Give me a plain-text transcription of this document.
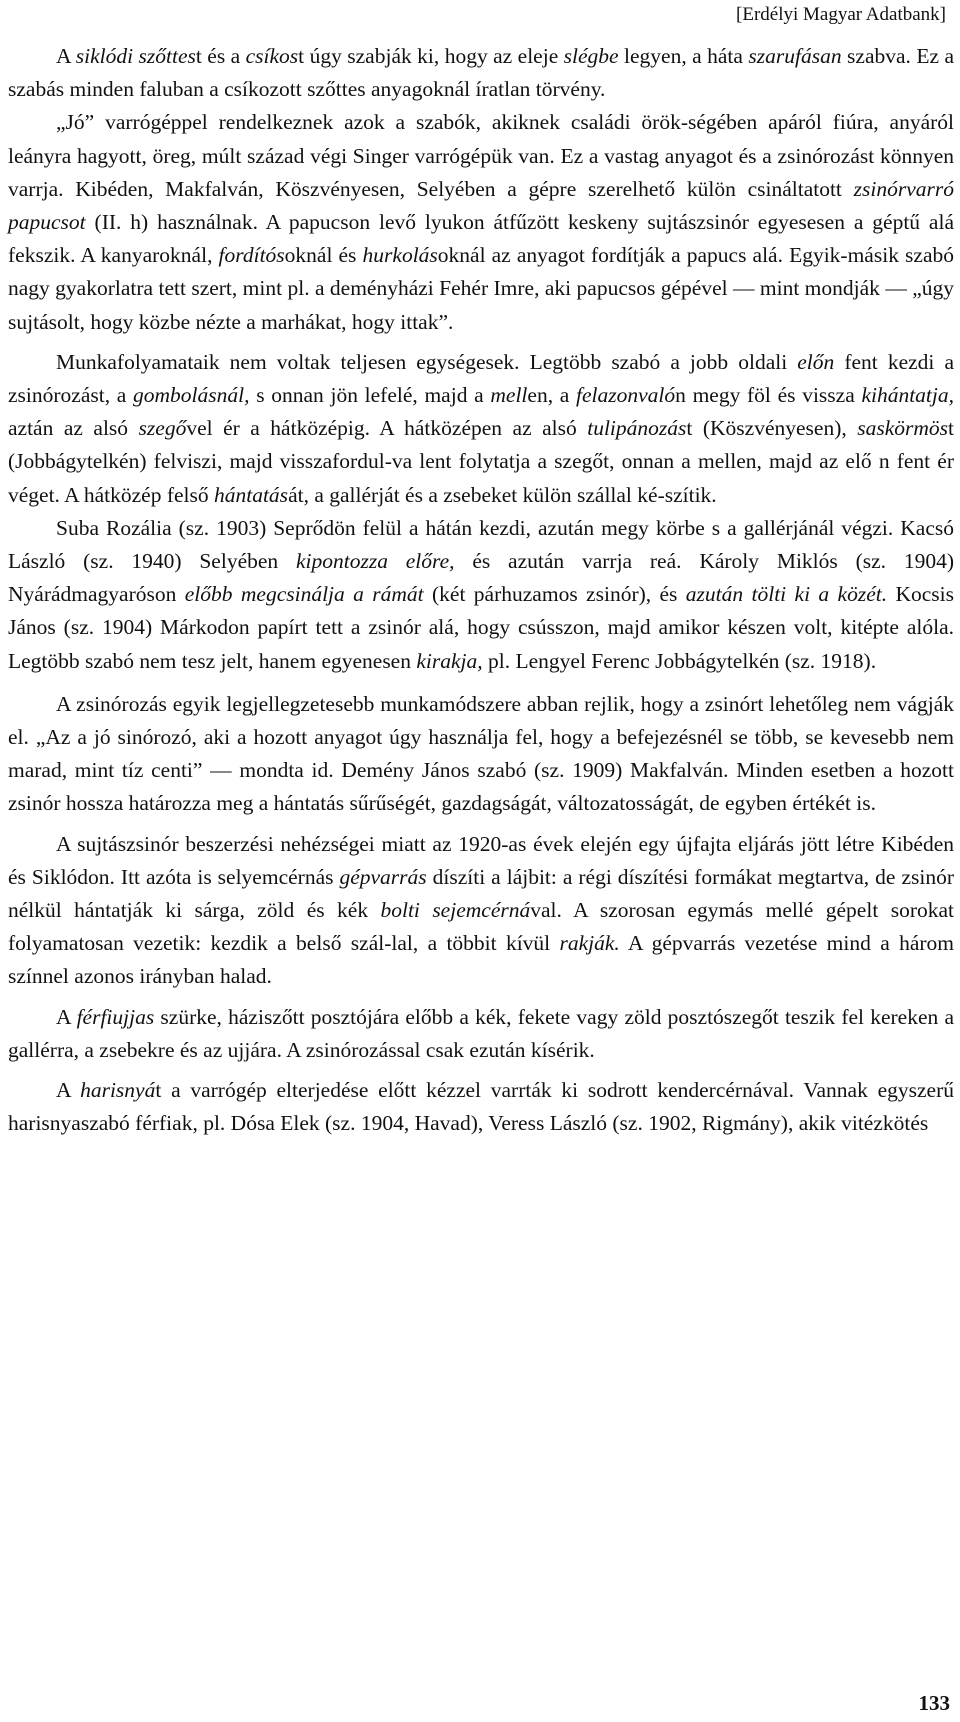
[Erdélyi Magyar Adatbank]

A siklódi szőttest és a csíkost úgy szabják ki, hogy az eleje slégbe legyen, a háta szarufásan szabva. Ez a szabás minden faluban a csíkozott szőttes anyagoknál íratlan törvény.

„Jó” varrógéppel rendelkeznek azok a szabók, akiknek családi örök-ségében apáról fiúra, anyáról leányra hagyott, öreg, múlt század végi Singer varrógépük van. Ez a vastag anyagot és a zsinórozást könnyen varrja. Kibéden, Makfalván, Köszvényesen, Selyében a gépre szerelhető külön csináltatott zsinórvarró papucsot (II. h) használnak. A papucson levő lyukon átfűzött keskeny sujtászsinór egyesesen a géptű alá fekszik. A kanyaroknál, fordítósoknál és hurkolásoknál az anyagot fordítják a papucs alá. Egyik-másik szabó nagy gyakorlatra tett szert, mint pl. a deményházi Fehér Imre, aki papucsos gépével ― mint mondják ― „úgy sujtásolt, hogy közbe nézte a marhákat, hogy ittak”.

Munkafolyamataik nem voltak teljesen egységesek. Legtöbb szabó a jobb oldali előn fent kezdi a zsinórozást, a gombolásnál, s onnan jön lefelé, majd a mellen, a felazonvalón megy föl és vissza kihántatja, aztán az alsó szegővel ér a hátközépig. A hátközépen az alsó tulipánozást (Köszvényesen), saskörmöst (Jobbágytelkén) felviszi, majd visszafordul-va lent folytatja a szegőt, onnan a mellen, majd az elő n fent ér véget. A hátközép felső hántatását, a gallérját és a zsebeket külön szállal ké-szítik.

Suba Rozália (sz. 1903) Seprődön felül a hátán kezdi, azután megy körbe s a gallérjánál végzi. Kacsó László (sz. 1940) Selyében kipontozza előre, és azután varrja reá. Károly Miklós (sz. 1904) Nyárádmagyaróson előbb megcsinálja a rámát (két párhuzamos zsinór), és azután tölti ki a közét. Kocsis János (sz. 1904) Márkodon papírt tett a zsinór alá, hogy csússzon, majd amikor készen volt, kitépte alóla. Legtöbb szabó nem tesz jelt, hanem egyenesen kirakja, pl. Lengyel Ferenc Jobbágytelkén (sz. 1918).

A zsinórozás egyik legjellegzetesebb munkamódszere abban rejlik, hogy a zsinórt lehetőleg nem vágják el. „Az a jó sinórozó, aki a hozott anyagot úgy használja fel, hogy a befejezésnél se több, se kevesebb nem marad, mint tíz centi” ― mondta id. Demény János szabó (sz. 1909) Makfalván. Minden esetben a hozott zsinór hossza határozza meg a hántatás sűrűségét, gazdagságát, változatosságát, de egyben értékét is.

A sujtászsinór beszerzési nehézségei miatt az 1920-as évek elején egy újfajta eljárás jött létre Kibéden és Siklódon. Itt azóta is selyemcérnás gépvarrás díszíti a lájbit: a régi díszítési formákat megtartva, de zsinór nélkül hántatják ki sárga, zöld és kék bolti sejemcérnával. A szorosan egymás mellé gépelt sorokat folyamatosan vezetik: kezdik a belső szál-lal, a többit kívül rakják. A gépvarrás vezetése mind a három színnel azonos irányban halad.

A férfiujjas szürke, háziszőtt posztójára előbb a kék, fekete vagy zöld posztószegőt teszik fel kereken a gallérra, a zsebekre és az ujjára. A zsinórozással csak ezután kísérik.

A harisnyát a varrógép elterjedése előtt kézzel varrták ki sodrott kendercérnával. Vannak egyszerű harisnyaszabó férfiak, pl. Dósa Elek (sz. 1904, Havad), Veress László (sz. 1902, Rigmány), akik vitézkötés

133
